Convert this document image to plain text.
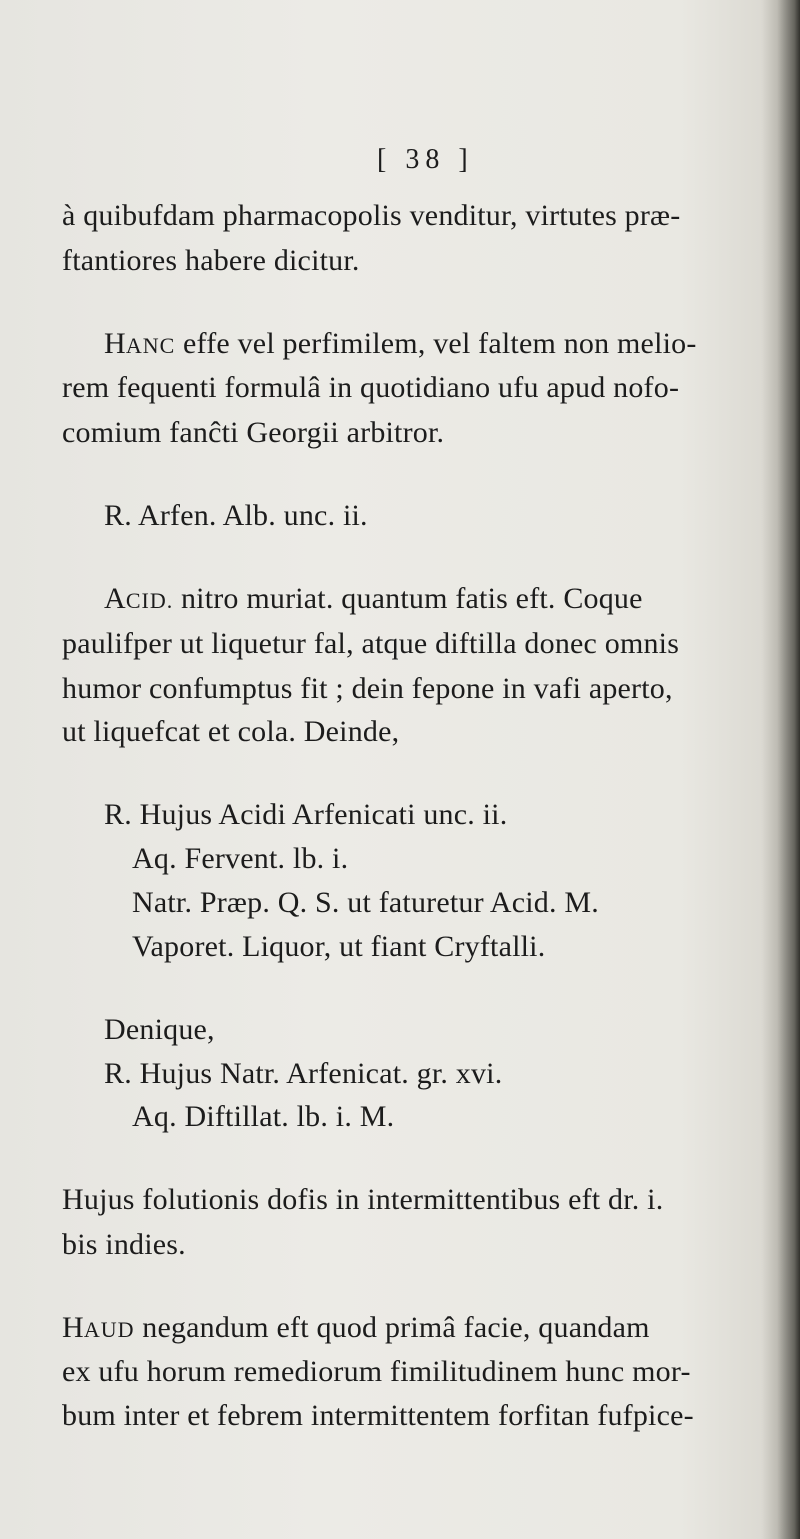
[ 38 ]
à quibufdam pharmacopolis venditur, virtutes præ-
ftantiores habere dicitur.
HANC effe vel perfimilem, vel faltem non melio-
rem fequenti formulâ in quotidiano ufu apud nofo-
comium fanĉti Georgii arbitror.
R. Arfen. Alb. unc. ii.
ACID. nitro muriat. quantum fatis eft. Coque
paulifper ut liquetur fal, atque diftilla donec omnis
humor confumptus fit ; dein fepone in vafi aperto,
ut liquefcat et cola. Deinde,
R. Hujus Acidi Arfenicati unc. ii.
Aq. Fervent. lb. i.
Natr. Præp. Q. S. ut faturetur Acid. M.
Vaporet. Liquor, ut fiant Cryftalli.
Denique,
R. Hujus Natr. Arfenicat. gr. xvi.
Aq. Diftillat. lb. i. M.
Hujus folutionis dofis in intermittentibus eft dr. i.
bis indies.
HAUD negandum eft quod primâ facie, quandam
ex ufu horum remediorum fimilitudinem hunc mor-
bum inter et febrem intermittentem forfitan fufpice-
